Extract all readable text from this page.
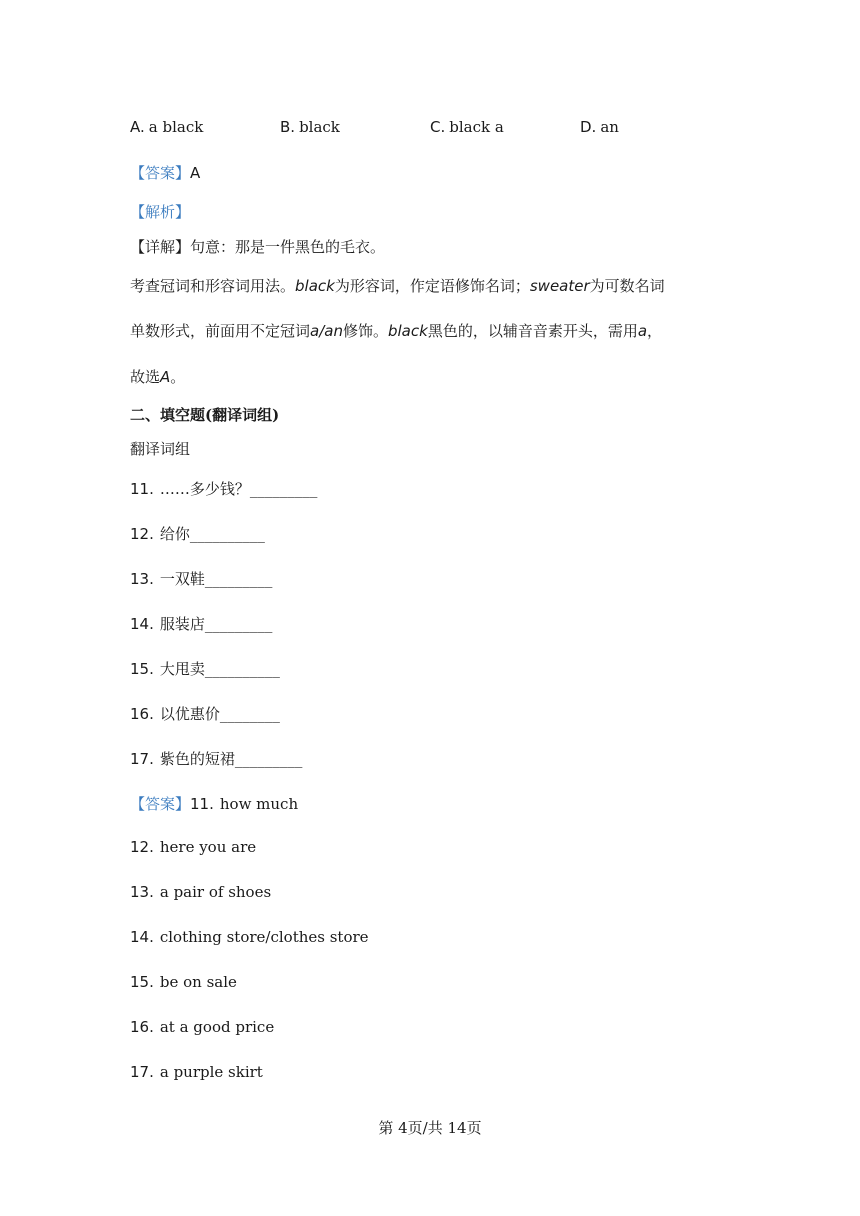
A. a black	B. black	C. black a	D. an
【答案】A
【解析】
【详解】句意：那是一件黑色的毛衣。
考查冠词和形容词用法。black为形容词，作定语修饰名词；sweater为可数名词
单数形式，前面用不定冠词a/an修饰。black黑色的，以辅音音素开头，需用a，
故选A。
二、填空题(翻译词组)
翻译词组
11. ……多少钱？_________
12. 给你__________
13. 一双鞋_________
14. 服装店_________
15. 大甩卖__________
16. 以优惠价________
17. 紫色的短裙_________
【答案】11. how much
12. here you are
13. a pair of shoes
14. clothing store/clothes store
15. be on sale
16. at a good price
17. a purple skirt
第 4页/共 14页
